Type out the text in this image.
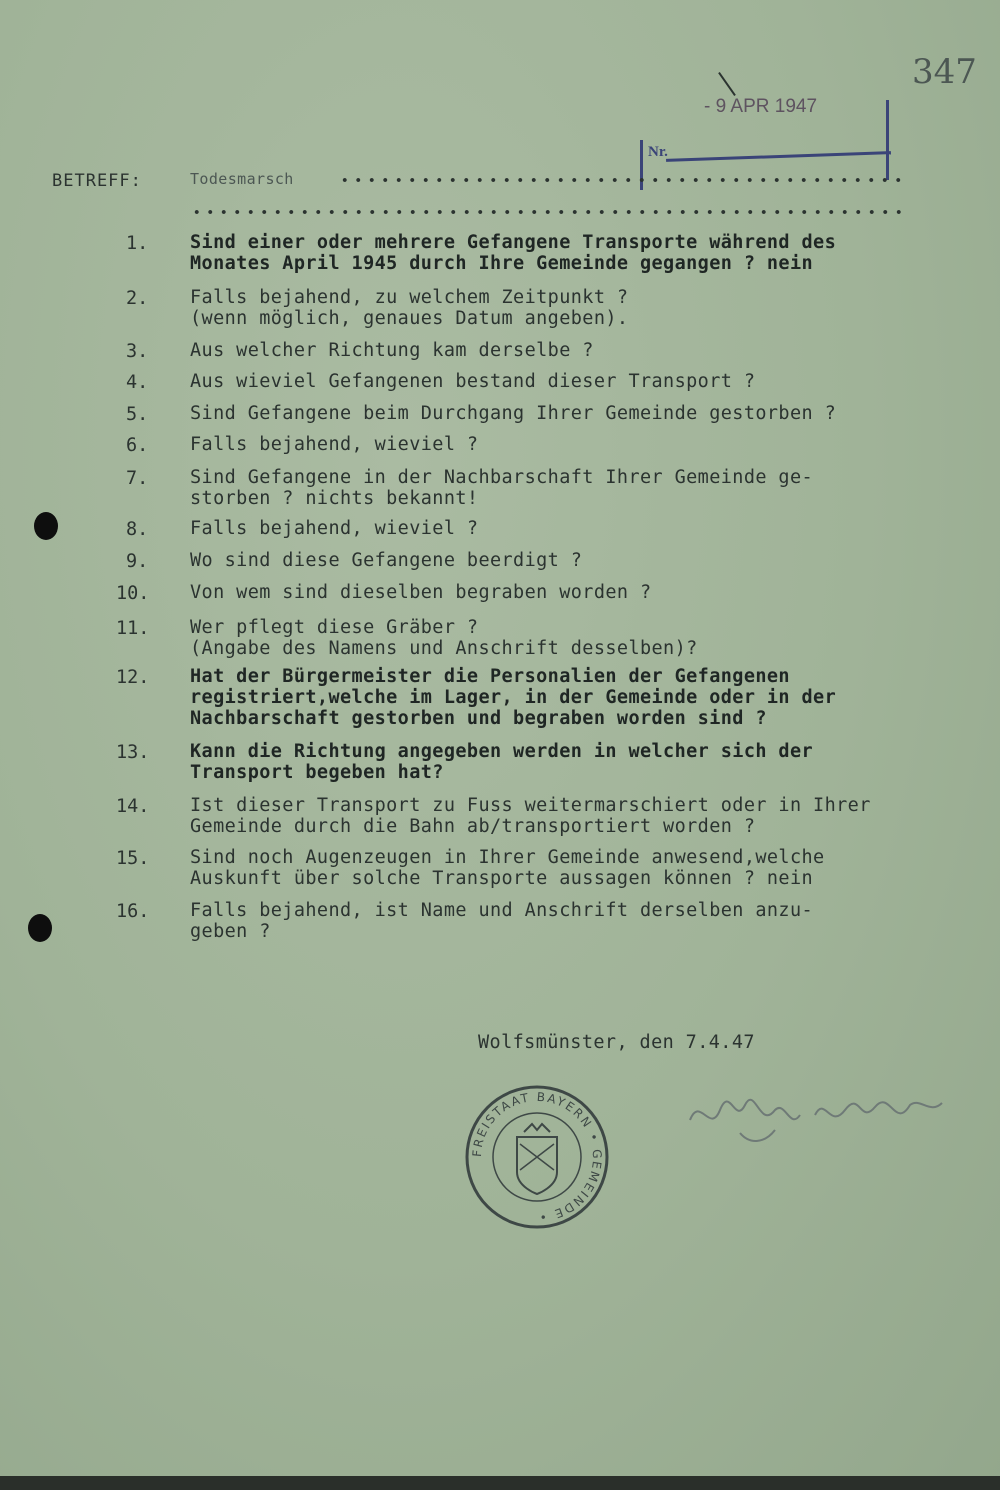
347
- 9 APR 1947
Nr.
BETREFF:	Todesmarsch
1. Sind einer oder mehrere Gefangene Transporte während des
Monates April 1945 durch Ihre Gemeinde gegangen ? nein
2. Falls bejahend, zu welchem Zeitpunkt ?
(wenn möglich, genaues Datum angeben).
3. Aus welcher Richtung kam derselbe ?
4. Aus wieviel Gefangenen bestand dieser Transport ?
5. Sind Gefangene beim Durchgang Ihrer Gemeinde gestorben ?
6. Falls bejahend, wieviel ?
7. Sind Gefangene in der Nachbarschaft Ihrer Gemeinde ge-
storben ? nichts bekannt!
8. Falls bejahend, wieviel ?
9. Wo sind diese Gefangene beerdigt ?
10. Von wem sind dieselben begraben worden ?
11. Wer pflegt diese Gräber ?
(Angabe des Namens und Anschrift desselben)?
12. Hat der Bürgermeister die Personalien der Gefangenen
registriert,welche im Lager, in der Gemeinde oder in der
Nachbarschaft gestorben und begraben worden sind ?
13. Kann die Richtung angegeben werden in welcher sich der
Transport begeben hat?
14. Ist dieser Transport zu Fuss weitermarschiert oder in Ihrer
Gemeinde durch die Bahn ab/transportiert worden ?
15. Sind noch Augenzeugen in Ihrer Gemeinde anwesend,welche
Auskunft über solche Transporte aussagen können ? nein
16. Falls bejahend, ist Name und Anschrift derselben anzu-
geben ?
Wolfsmünster, den 7.4.47
FREISTAAT BAYERN • GEMEINDE •
